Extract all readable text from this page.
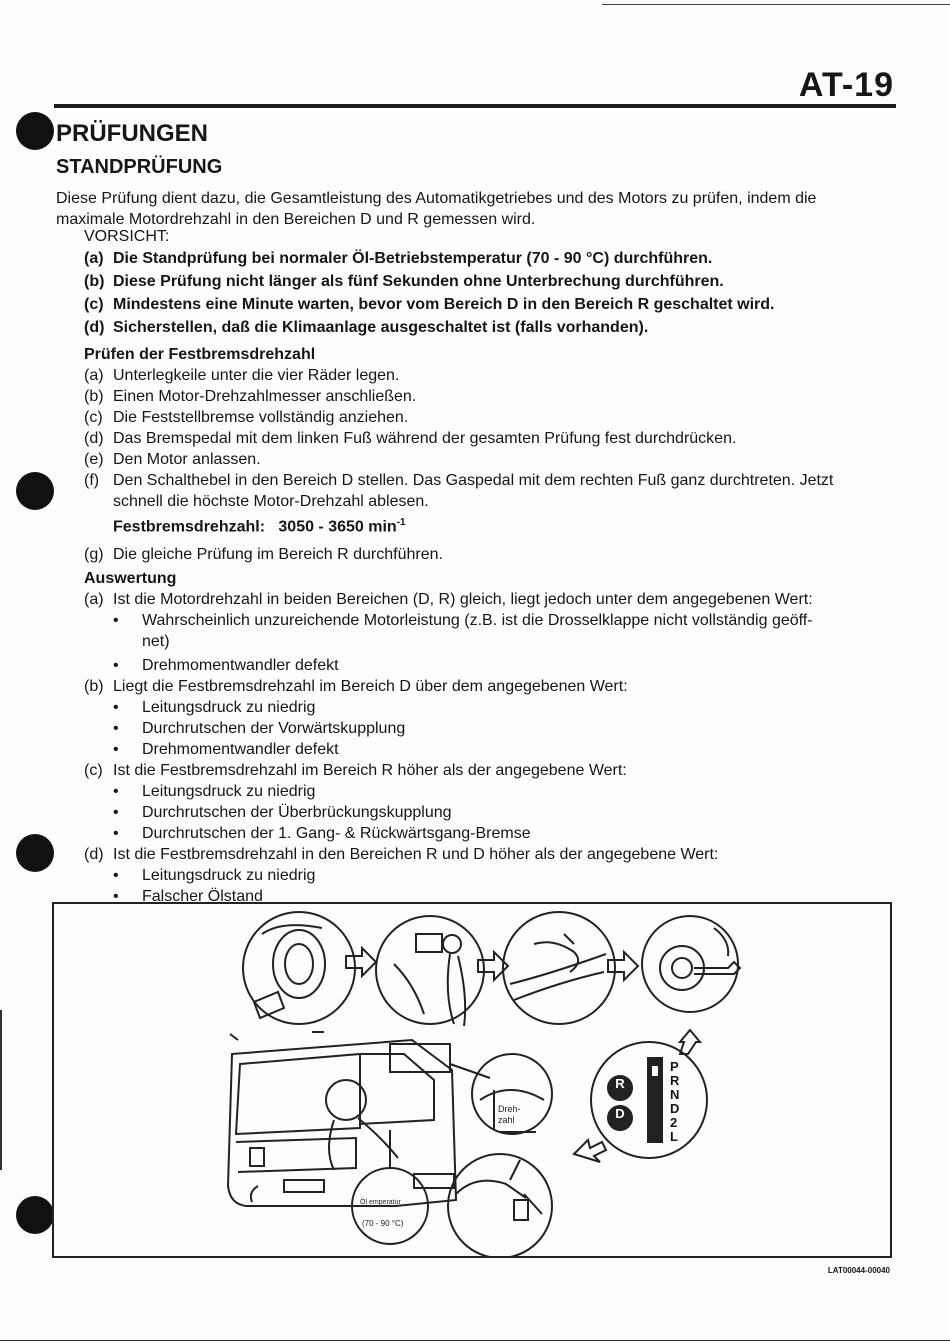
AT-19
PRÜFUNGEN
STANDPRÜFUNG
Diese Prüfung dient dazu, die Gesamtleistung des Automatikgetriebes und des Motors zu prüfen, indem die
maximale Motordrehzahl in den Bereichen D und R gemessen wird.
VORSICHT:
(a) Die Standprüfung bei normaler Öl-Betriebstemperatur (70 - 90 °C) durchführen.
(b) Diese Prüfung nicht länger als fünf Sekunden ohne Unterbrechung durchführen.
(c) Mindestens eine Minute warten, bevor vom Bereich D in den Bereich R geschaltet wird.
(d) Sicherstellen, daß die Klimaanlage ausgeschaltet ist (falls vorhanden).
Prüfen der Festbremsdrehzahl
(a) Unterlegkeile unter die vier Räder legen.
(b) Einen Motor-Drehzahlmesser anschließen.
(c) Die Feststellbremse vollständig anziehen.
(d) Das Bremspedal mit dem linken Fuß während der gesamten Prüfung fest durchdrücken.
(e) Den Motor anlassen.
(f) Den Schalthebel in den Bereich D stellen. Das Gaspedal mit dem rechten Fuß ganz durchtreten. Jetzt
schnell die höchste Motor-Drehzahl ablesen.
Festbremsdrehzahl: 3050 - 3650 $\min^{-1}$
(g) Die gleiche Prüfung im Bereich R durchführen.
Auswertung
(a) Ist die Motordrehzahl in beiden Bereichen (D, R) gleich, liegt jedoch unter dem angegebenen Wert:
• Wahrscheinlich unzureichende Motorleistung (z.B. ist die Drosselklappe nicht vollständig geöff-
net)
• Drehmomentwandler defekt
(b) Liegt die Festbremsdrehzahl im Bereich D über dem angegebenen Wert:
• Leitungsdruck zu niedrig
• Durchrutschen der Vorwärtskupplung
• Drehmomentwandler defekt
(c) Ist die Festbremsdrehzahl im Bereich R höher als der angegebene Wert:
• Leitungsdruck zu niedrig
• Durchrutschen der Überbrückungskupplung
• Durchrutschen der 1. Gang- & Rückwärtsgang-Bremse
(d) Ist die Festbremsdrehzahl in den Bereichen R und D höher als der angegebene Wert:
• Leitungsdruck zu niedrig
• Falscher Ölstand
Dreh-
zahl
Öl emperatur
(70 - 90 °C)
P
R
N
D
2
L
R
D
LAT00044-00040
